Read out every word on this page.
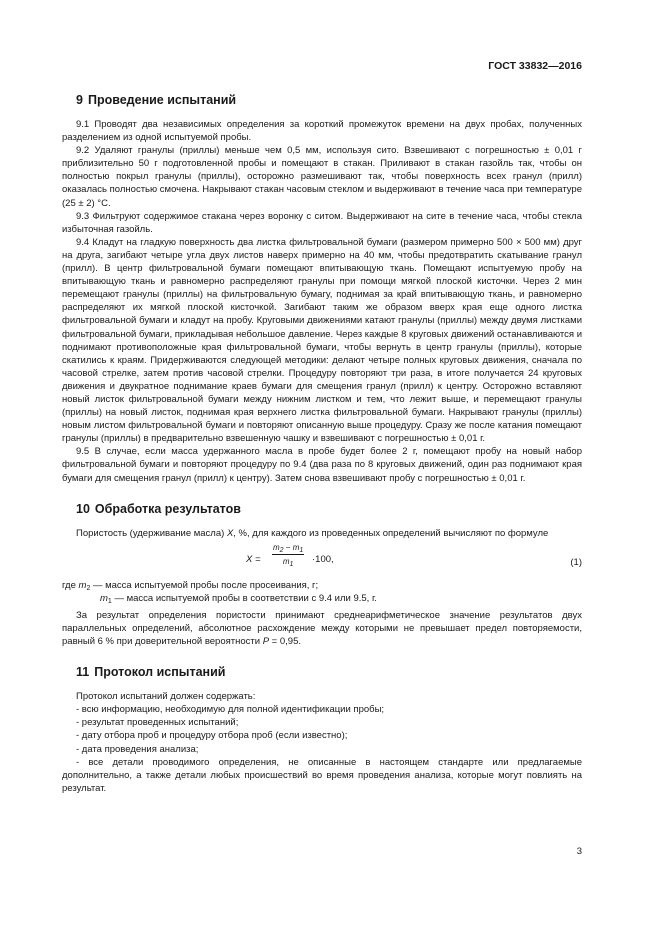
ГОСТ 33832—2016
9 Проведение испытаний

9.1 Проводят два независимых определения за короткий промежуток времени на двух пробах, полученных разделением из одной испытуемой пробы.

9.2 Удаляют гранулы (приллы) меньше чем 0,5 мм, используя сито. Взвешивают с погрешностью ± 0,01 г приблизительно 50 г подготовленной пробы и помещают в стакан. Приливают в стакан газойль так, чтобы он полностью покрыл гранулы (приллы), осторожно размешивают так, чтобы поверхность всех гранул (прилл) оказалась полностью смочена. Накрывают стакан часовым стеклом и выдерживают в течение часа при температуре (25 ± 2) °С.

9.3 Фильтруют содержимое стакана через воронку с ситом. Выдерживают на сите в течение часа, чтобы стекла избыточная газойль.

9.4 Кладут на гладкую поверхность два листка фильтровальной бумаги (размером примерно 500 × 500 мм) друг на друга, загибают четыре угла двух листов наверх примерно на 40 мм, чтобы предотвратить скатывание гранул (прилл). В центр фильтровальной бумаги помещают впитывающую ткань. Помещают испытуемую пробу на впитывающую ткань и равномерно распределяют гранулы при помощи мягкой плоской кисточки. Через 2 мин перемещают гранулы (приллы) на фильтровальную бумагу, поднимая за край впитывающую ткань, и равномерно распределяют их мягкой плоской кисточкой. Загибают таким же образом вверх края еще одного листка фильтровальной бумаги и кладут на пробу. Круговыми движениями катают гранулы (приллы) между двумя листками фильтровальной бумаги, прикладывая небольшое давление. Через каждые 8 круговых движений останавливаются и поднимают противоположные края фильтровальной бумаги, чтобы вернуть в центр гранулы (приллы), которые скатились к краям. Придерживаются следующей методики: делают четыре полных круговых движения, сначала по часовой стрелке, затем против часовой стрелки. Процедуру повторяют три раза, в итоге получается 24 круговых движения и двукратное поднимание краев бумаги для смещения гранул (прилл) к центру. Осторожно вставляют новый листок фильтровальной бумаги между нижним листком и тем, что лежит выше, и перемещают гранулы (приллы) на новый листок, поднимая края верхнего листка фильтровальной бумаги. Накрывают гранулы (приллы) новым листом фильтровальной бумаги и повторяют описанную выше процедуру. Сразу же после катания помещают гранулы (приллы) в предварительно взвешенную чашку и взвешивают с погрешностью ± 0,01 г.

9.5 В случае, если масса удержанного масла в пробе будет более 2 г, помещают пробу на новый набор фильтровальной бумаги и повторяют процедуру по 9.4 (два раза по 8 круговых движений, один раз поднимают края бумаги для смещения гранул (прилл) к центру). Затем снова взвешивают пробу с погрешностью ± 0,01 г.

10 Обработка результатов

Пористость (удерживание масла) X, %, для каждого из проведенных определений вычисляют по формуле

$X = \frac{m_2 - m_1}{m_1} \cdot 100$,	(1)

где $m_2$ — масса испытуемой пробы после просеивания, г;

$m_1$ — масса испытуемой пробы в соответствии с 9.4 или 9.5, г.

За результат определения пористости принимают среднеарифметическое значение результатов двух параллельных определений, абсолютное расхождение между которыми не превышает предел повторяемости, равный 6 % при доверительной вероятности Р = 0,95.

11 Протокол испытаний

Протокол испытаний должен содержать:

- всю информацию, необходимую для полной идентификации пробы;

- результат проведенных испытаний;

- дату отбора проб и процедуру отбора проб (если известно);

- дата проведения анализа;

- все детали проводимого определения, не описанные в настоящем стандарте или предлагаемые дополнительно, а также детали любых происшествий во время проведения анализа, которые могут повлиять на результат.

3
